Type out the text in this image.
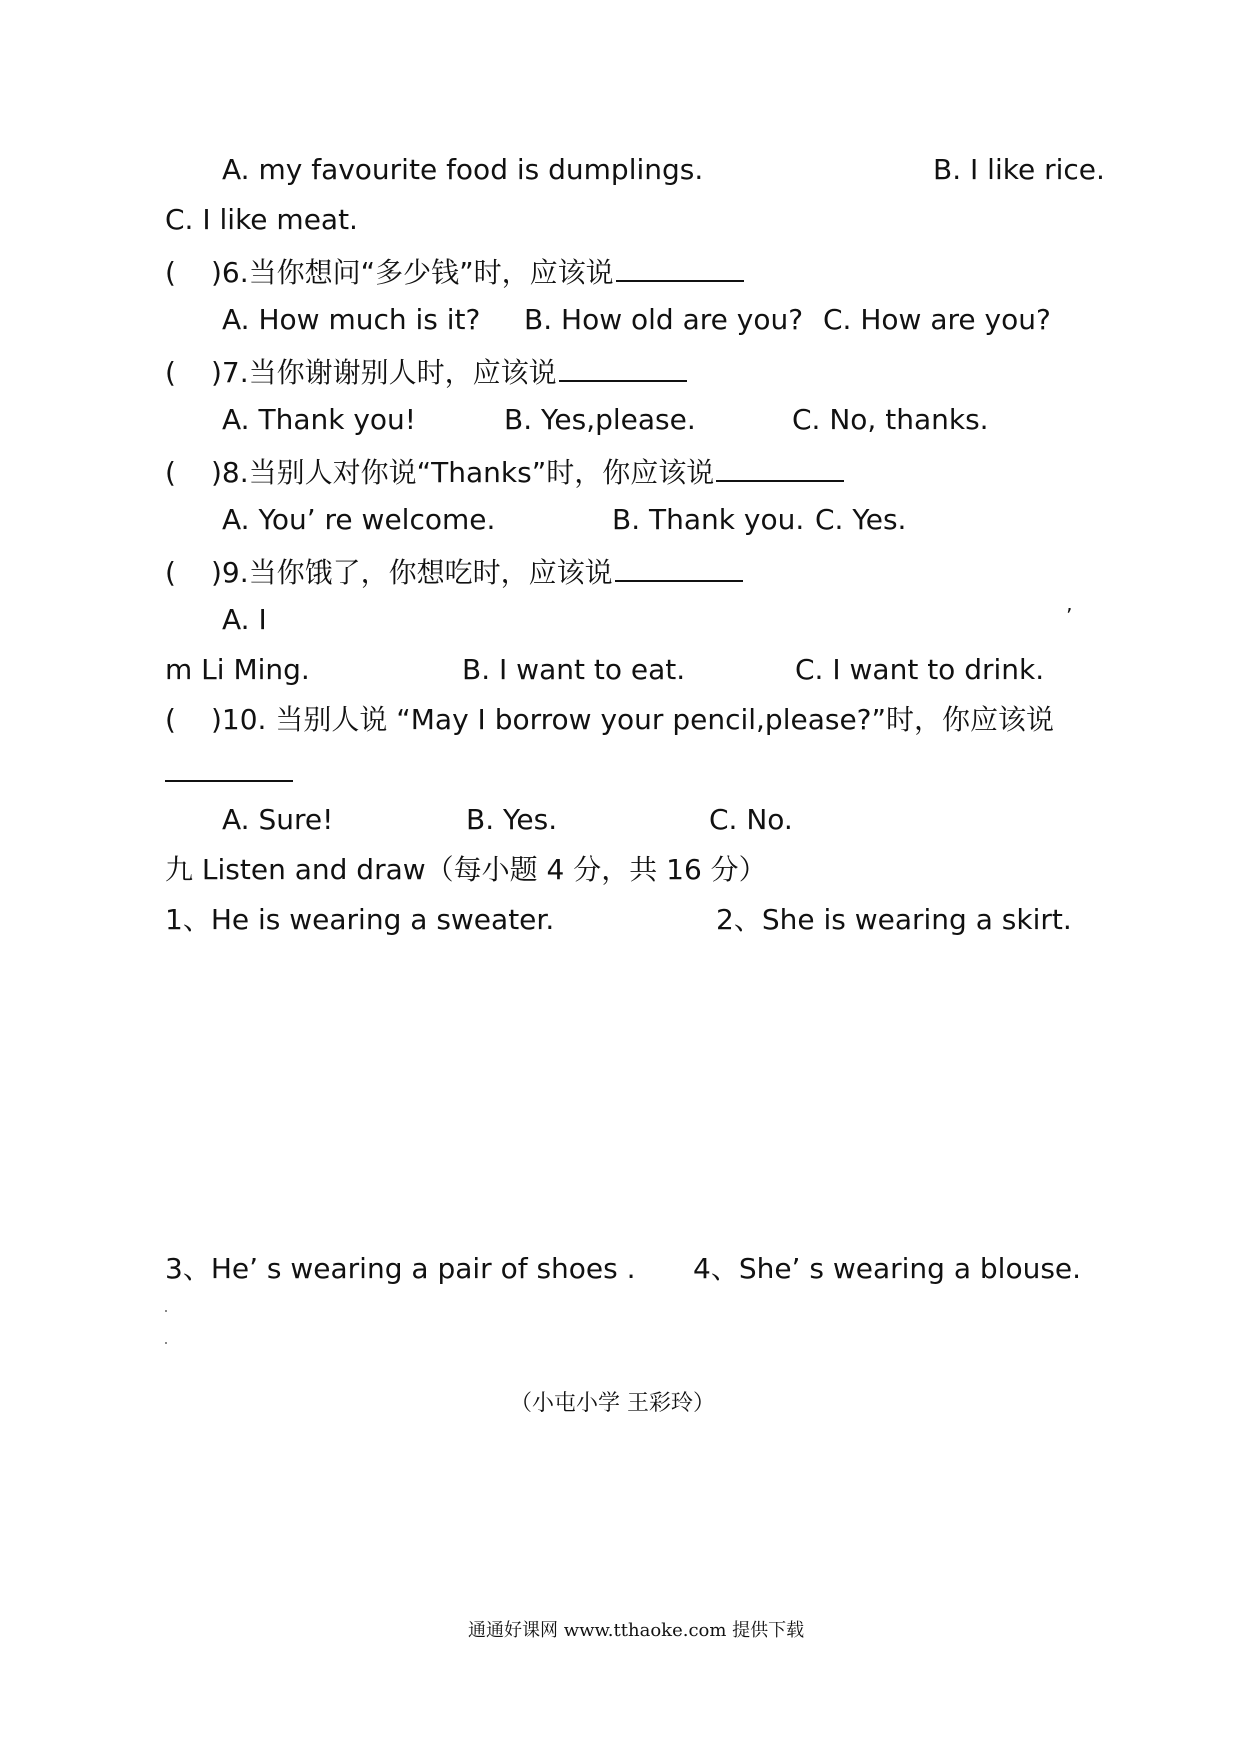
A. my favourite food is dumplings.	B. I like rice.
C. I like meat.
( )6.当你想问“多少钱”时，应该说
A. How much is it? B. How old are you? C. How are you?
( )7.当你谢谢别人时，应该说
A. Thank you!	B. Yes,please.	C. No, thanks.
( )8.当别人对你说“Thanks”时，你应该说
A. You’ re welcome.	B. Thank you. C. Yes.
( )9.当你饿了，你想吃时，应该说
A. I	’
m Li Ming.	B. I want to eat.	C. I want to drink.
( )10. 当别人说 “May I borrow your pencil,please?”时，你应该说
A. Sure!	B. Yes.	C. No.
九 Listen and draw（每小题 4 分，共 16 分）
1、He is wearing a sweater.	2、She is wearing a skirt.
3、He’ s wearing a pair of shoes . 4、She’ s wearing a blouse.
（小屯小学 王彩玲）
通通好课网 www.tthaoke.com 提供下载
